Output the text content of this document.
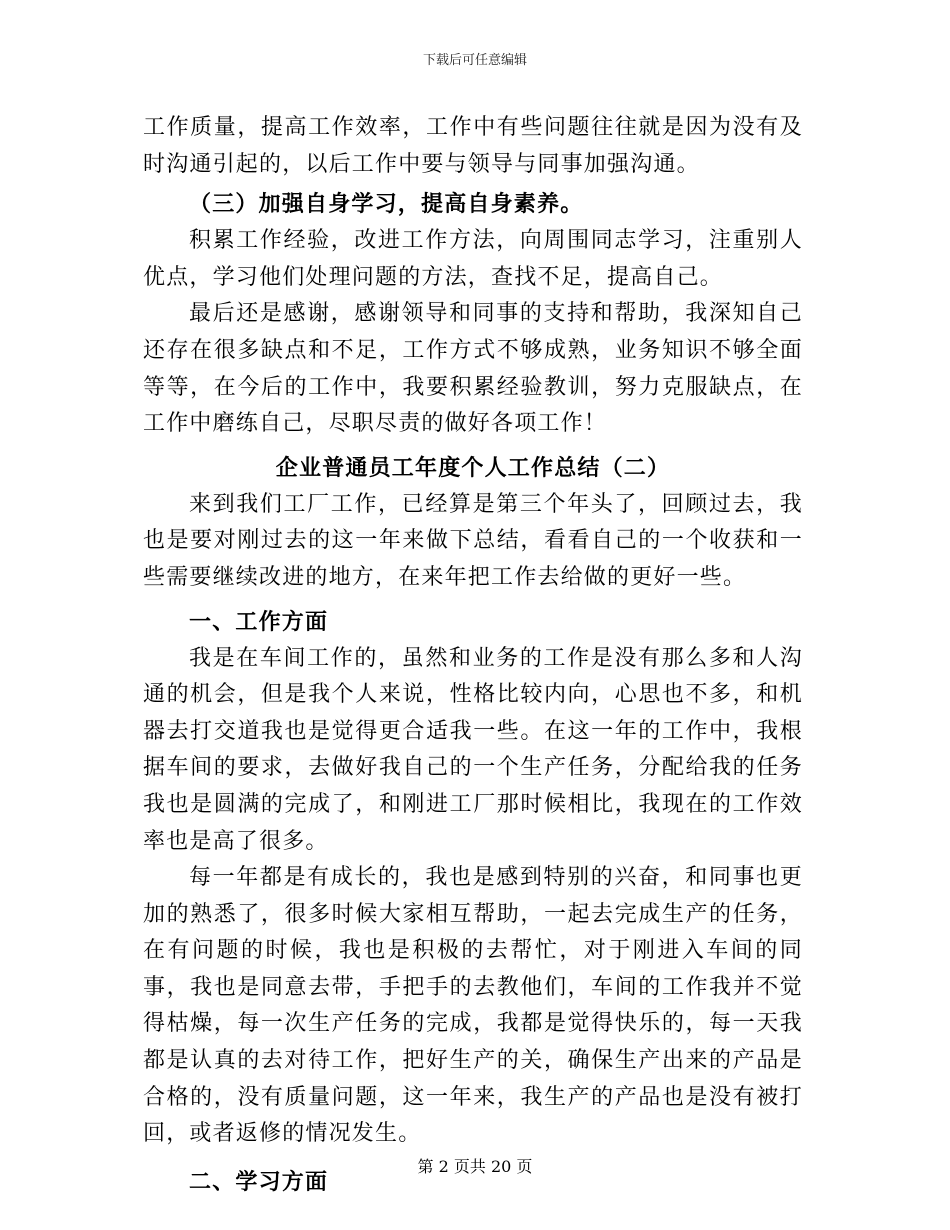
下载后可任意编辑

工作质量，提高工作效率，工作中有些问题往往就是因为没有及时沟通引起的，以后工作中要与领导与同事加强沟通。

（三）加强自身学习，提高自身素养。

积累工作经验，改进工作方法，向周围同志学习，注重别人优点，学习他们处理问题的方法，查找不足，提高自己。

最后还是感谢，感谢领导和同事的支持和帮助，我深知自己还存在很多缺点和不足，工作方式不够成熟，业务知识不够全面等等，在今后的工作中，我要积累经验教训，努力克服缺点，在工作中磨练自己，尽职尽责的做好各项工作！

企业普通员工年度个人工作总结（二）

来到我们工厂工作，已经算是第三个年头了，回顾过去，我也是要对刚过去的这一年来做下总结，看看自己的一个收获和一些需要继续改进的地方，在来年把工作去给做的更好一些。

一、工作方面

我是在车间工作的，虽然和业务的工作是没有那么多和人沟通的机会，但是我个人来说，性格比较内向，心思也不多，和机器去打交道我也是觉得更合适我一些。在这一年的工作中，我根据车间的要求，去做好我自己的一个生产任务，分配给我的任务我也是圆满的完成了，和刚进工厂那时候相比，我现在的工作效率也是高了很多。

每一年都是有成长的，我也是感到特别的兴奋，和同事也更加的熟悉了，很多时候大家相互帮助，一起去完成生产的任务，在有问题的时候，我也是积极的去帮忙，对于刚进入车间的同事，我也是同意去带，手把手的去教他们，车间的工作我并不觉得枯燥，每一次生产任务的完成，我都是觉得快乐的，每一天我都是认真的去对待工作，把好生产的关，确保生产出来的产品是合格的，没有质量问题，这一年来，我生产的产品也是没有被打回，或者返修的情况发生。

二、学习方面

第 2 页共 20 页
